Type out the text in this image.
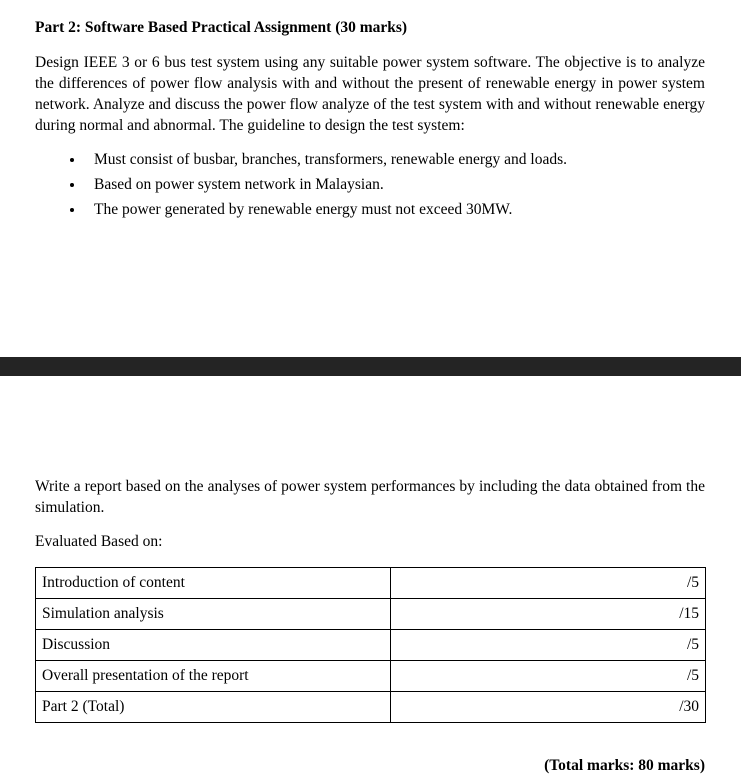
Part 2: Software Based Practical Assignment (30 marks)

Design IEEE 3 or 6 bus test system using any suitable power system software. The objective is to analyze the differences of power flow analysis with and without the present of renewable energy in power system network. Analyze and discuss the power flow analyze of the test system with and without renewable energy during normal and abnormal. The guideline to design the test system:

• Must consist of busbar, branches, transformers, renewable energy and loads.
• Based on power system network in Malaysian.
• The power generated by renewable energy must not exceed 30MW.

Write a report based on the analyses of power system performances by including the data obtained from the simulation.

Evaluated Based on:

Introduction of content	/5
Simulation analysis	/15
Discussion	/5
Overall presentation of the report	/5
Part 2 (Total)	/30

(Total marks: 80 marks)
